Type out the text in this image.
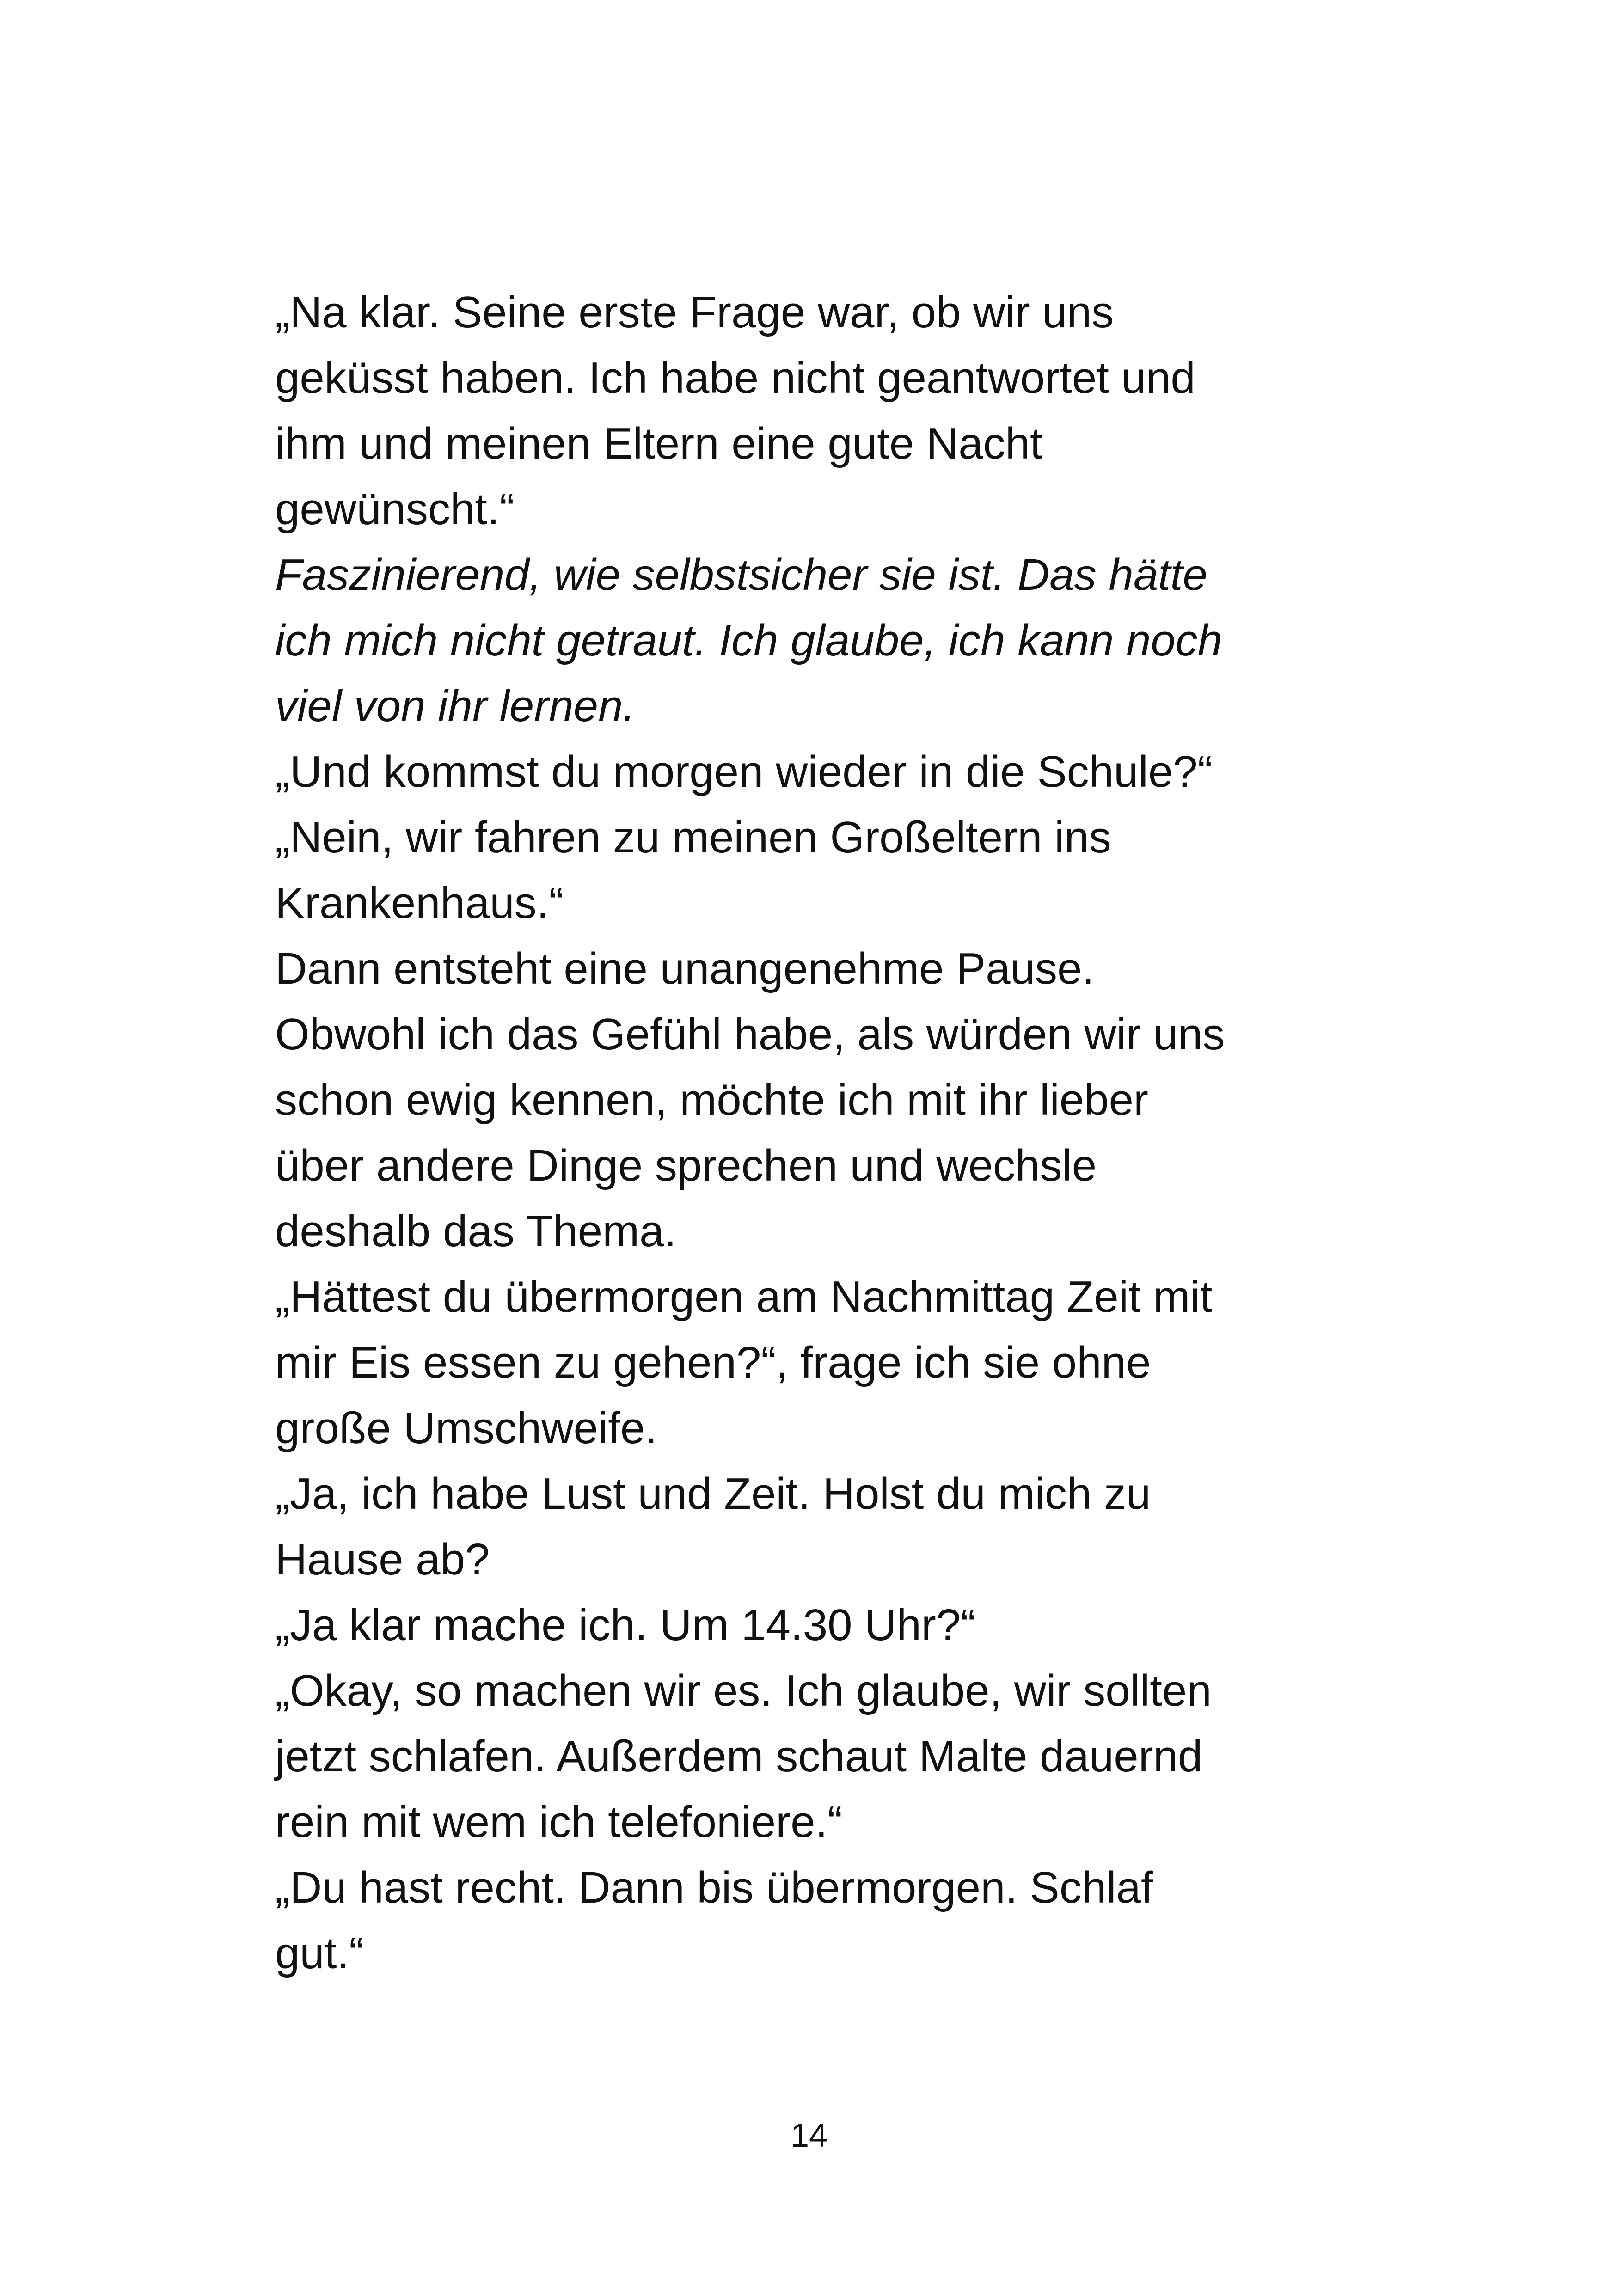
„Na klar. Seine erste Frage war, ob wir uns
geküsst haben. Ich habe nicht geantwortet und
ihm und meinen Eltern eine gute Nacht
gewünscht.“
Faszinierend, wie selbstsicher sie ist. Das hätte
ich mich nicht getraut. Ich glaube, ich kann noch
viel von ihr lernen.
„Und kommst du morgen wieder in die Schule?“
„Nein, wir fahren zu meinen Großeltern ins
Krankenhaus.“
Dann entsteht eine unangenehme Pause.
Obwohl ich das Gefühl habe, als würden wir uns
schon ewig kennen, möchte ich mit ihr lieber
über andere Dinge sprechen und wechsle
deshalb das Thema.
„Hättest du übermorgen am Nachmittag Zeit mit
mir Eis essen zu gehen?“, frage ich sie ohne
große Umschweife.
„Ja, ich habe Lust und Zeit. Holst du mich zu
Hause ab?
„Ja klar mache ich. Um 14.30 Uhr?“
„Okay, so machen wir es. Ich glaube, wir sollten
jetzt schlafen. Außerdem schaut Malte dauernd
rein mit wem ich telefoniere.“
„Du hast recht. Dann bis übermorgen. Schlaf
gut.“
14
